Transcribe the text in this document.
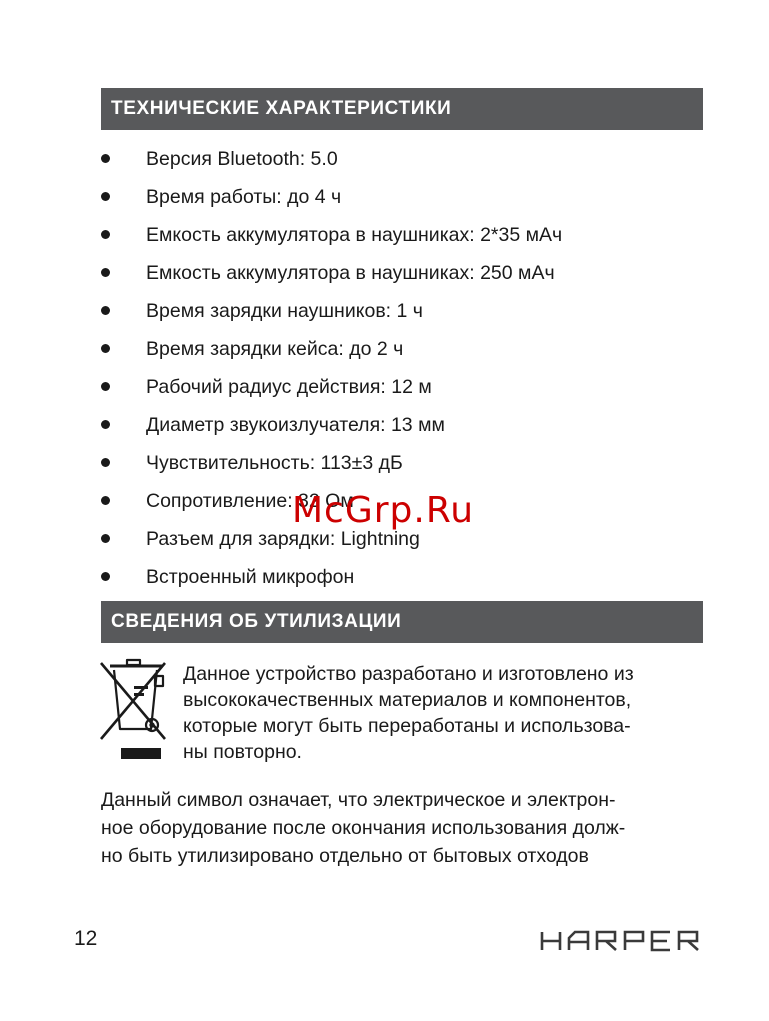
ТЕХНИЧЕСКИЕ ХАРАКТЕРИСТИКИ
Версия Bluetooth: 5.0
Время работы: до 4 ч
Емкость аккумулятора в наушниках: 2*35 мАч
Емкость аккумулятора в наушниках: 250 мАч
Время зарядки наушников: 1 ч
Время зарядки кейса: до 2 ч
Рабочий радиус действия: 12 м
Диаметр звукоизлучателя: 13 мм
Чувствительность: 113±3 дБ
Сопротивление: 32 Ом
Разъем для зарядки: Lightning
Встроенный микрофон
СВЕДЕНИЯ ОБ УТИЛИЗАЦИИ
Данное устройство разработано и изготовлено из
высококачественных материалов и компонентов,
которые могут быть переработаны и использова-
ны повторно.
Данный символ означает, что электрическое и электрон-
ное оборудование после окончания использования долж-
но быть утилизировано отдельно от бытовых отходов
12
McGrp.Ru
